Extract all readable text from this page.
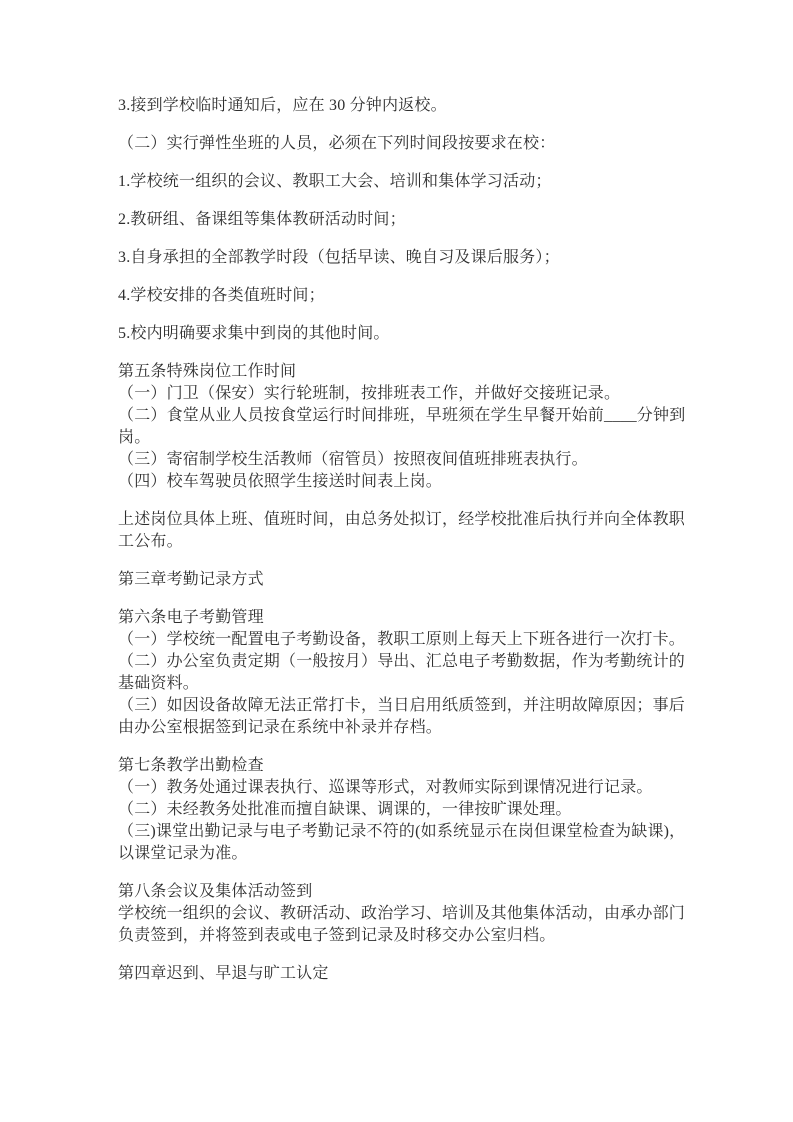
3.接到学校临时通知后，应在 30 分钟内返校。
（二）实行弹性坐班的人员，必须在下列时间段按要求在校：
1.学校统一组织的会议、教职工大会、培训和集体学习活动；
2.教研组、备课组等集体教研活动时间；
3.自身承担的全部教学时段（包括早读、晚自习及课后服务）；
4.学校安排的各类值班时间；
5.校内明确要求集中到岗的其他时间。
第五条特殊岗位工作时间
（一）门卫（保安）实行轮班制，按排班表工作，并做好交接班记录。
（二）食堂从业人员按食堂运行时间排班，早班须在学生早餐开始前____分钟到
岗。
（三）寄宿制学校生活教师（宿管员）按照夜间值班排班表执行。
（四）校车驾驶员依照学生接送时间表上岗。
上述岗位具体上班、值班时间，由总务处拟订，经学校批准后执行并向全体教职
工公布。
第三章考勤记录方式
第六条电子考勤管理
（一）学校统一配置电子考勤设备，教职工原则上每天上下班各进行一次打卡。
（二）办公室负责定期（一般按月）导出、汇总电子考勤数据，作为考勤统计的
基础资料。
（三）如因设备故障无法正常打卡，当日启用纸质签到，并注明故障原因；事后
由办公室根据签到记录在系统中补录并存档。
第七条教学出勤检查
（一）教务处通过课表执行、巡课等形式，对教师实际到课情况进行记录。
（二）未经教务处批准而擅自缺课、调课的，一律按旷课处理。
（三)课堂出勤记录与电子考勤记录不符的(如系统显示在岗但课堂检查为缺课)，
以课堂记录为准。
第八条会议及集体活动签到
学校统一组织的会议、教研活动、政治学习、培训及其他集体活动，由承办部门
负责签到，并将签到表或电子签到记录及时移交办公室归档。
第四章迟到、早退与旷工认定
